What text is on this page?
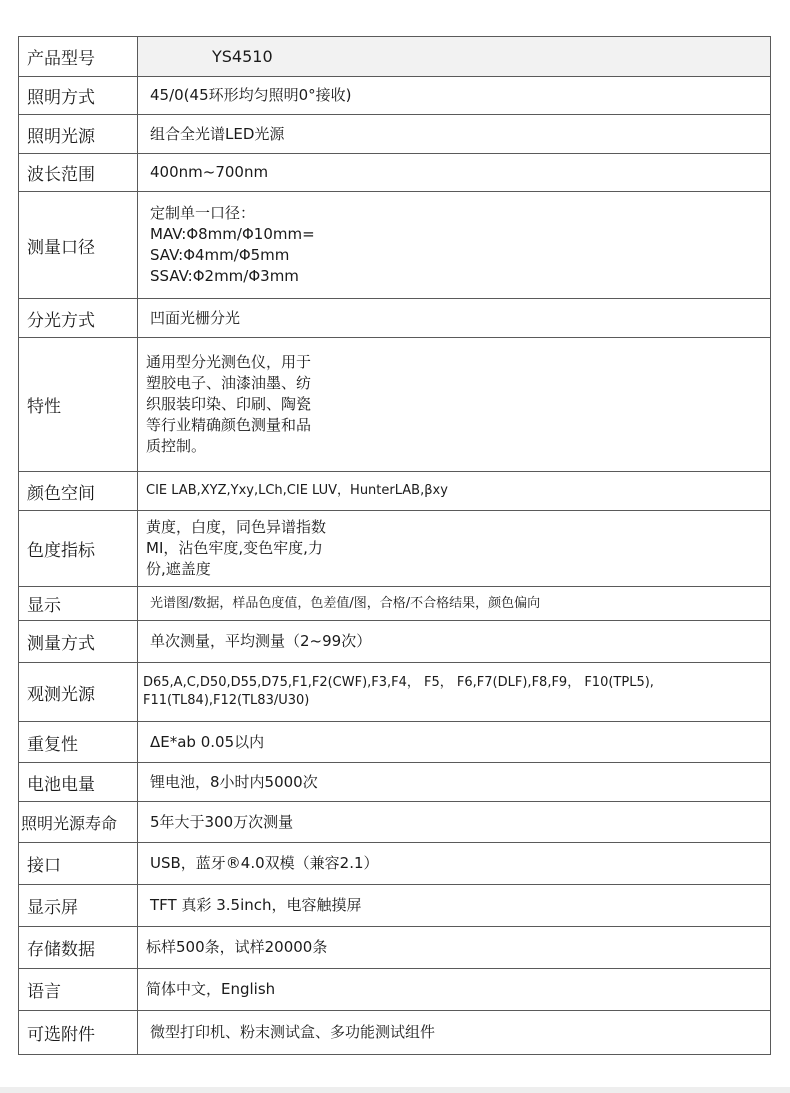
产品型号	YS4510

照明方式	45/0(45环形均匀照明0°接收)

照明光源	组合全光谱LED光源

波长范围	400nm~700nm

测量口径	定制单一口径：
MAV:Φ8mm/Φ10mm=
SAV:Φ4mm/Φ5mm
SSAV:Φ2mm/Φ3mm

分光方式	凹面光栅分光

特性	通用型分光测色仪，用于
塑胶电子、油漆油墨、纺
织服装印染、印刷、陶瓷
等行业精确颜色测量和品
质控制。

颜色空间	CIE LAB,XYZ,Yxy,LCh,CIE LUV，HunterLAB,βxy

色度指标	黄度，白度，同色异谱指数
MI，沾色牢度,变色牢度,力
份,遮盖度

显示	光谱图/数据，样品色度值，色差值/图，合格/不合格结果，颜色偏向

测量方式	单次测量，平均测量（2~99次）

观测光源	D65,A,C,D50,D55,D75,F1,F2(CWF),F3,F4， F5， F6,F7(DLF),F8,F9， F10(TPL5),
F11(TL84),F12(TL83/U30)

重复性	ΔE*ab 0.05以内

电池电量	锂电池，8小时内5000次

照明光源寿命	5年大于300万次测量

接口	USB，蓝牙®4.0双模（兼容2.1）

显示屏	TFT 真彩 3.5inch，电容触摸屏

存储数据	标样500条，试样20000条

语言	简体中文，English

可选附件	微型打印机、粉末测试盒、多功能测试组件
